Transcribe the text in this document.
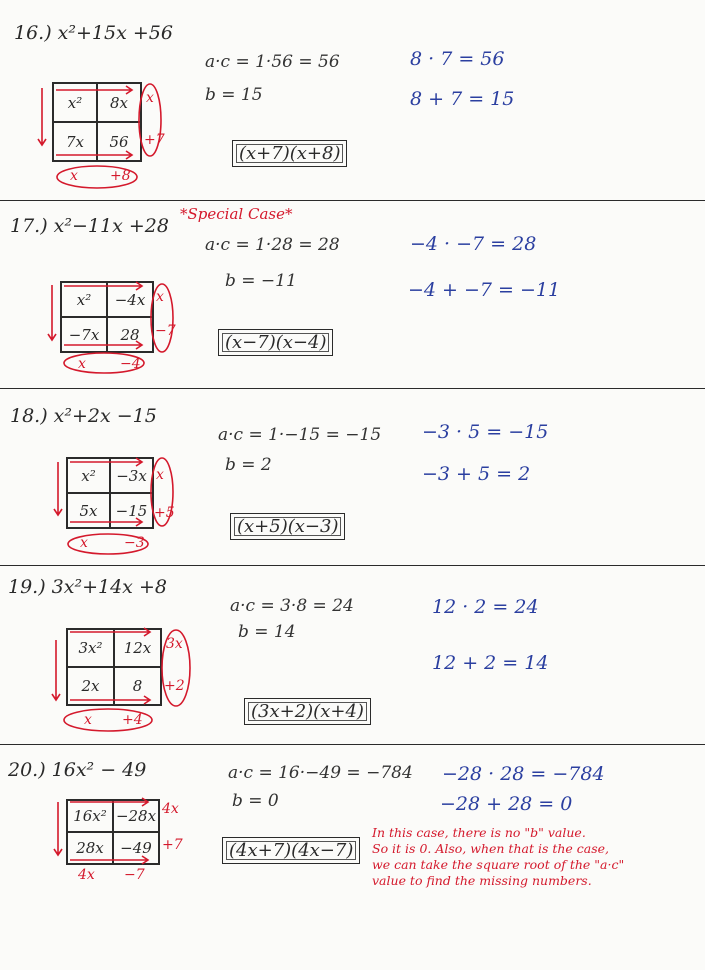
16.) x²+15x +56
a·c = 1·56 = 56
b = 15
8 · 7 = 56
8 + 7 = 15
(x+7)(x+8)
x²	8x
7x	56
x
+7
x +8
17.) x²−11x +28
*Special Case*
a·c = 1·28 = 28
b = −11
−4 · −7 = 28
−4 + −7 = −11
(x−7)(x−4)
x²	−4x
−7x	28
x
−7
x −4
18.) x²+2x −15
a·c = 1·−15 = −15
b = 2
−3 · 5 = −15
−3 + 5 = 2
(x+5)(x−3)
x²	−3x
5x	−15
x
+5
x	−3
19.) 3x²+14x +8
a·c = 3·8 = 24
b = 14
12 · 2 = 24
12 + 2 = 14
(3x+2)(x+4)
3x²	12x
2x	8
3x
+2
x +4
20.) 16x² − 49	a·c = 16·−49 = −784
b = 0
−28 · 28 = −784
−28 + 28 = 0
(4x+7)(4x−7)
16x² −28x
28x	−49
4x
+7
4x −7
In this case, there is no "b" value.
So it is 0. Also, when that is the case,
we can take the square root of the "a·c"
value to find the missing numbers.
